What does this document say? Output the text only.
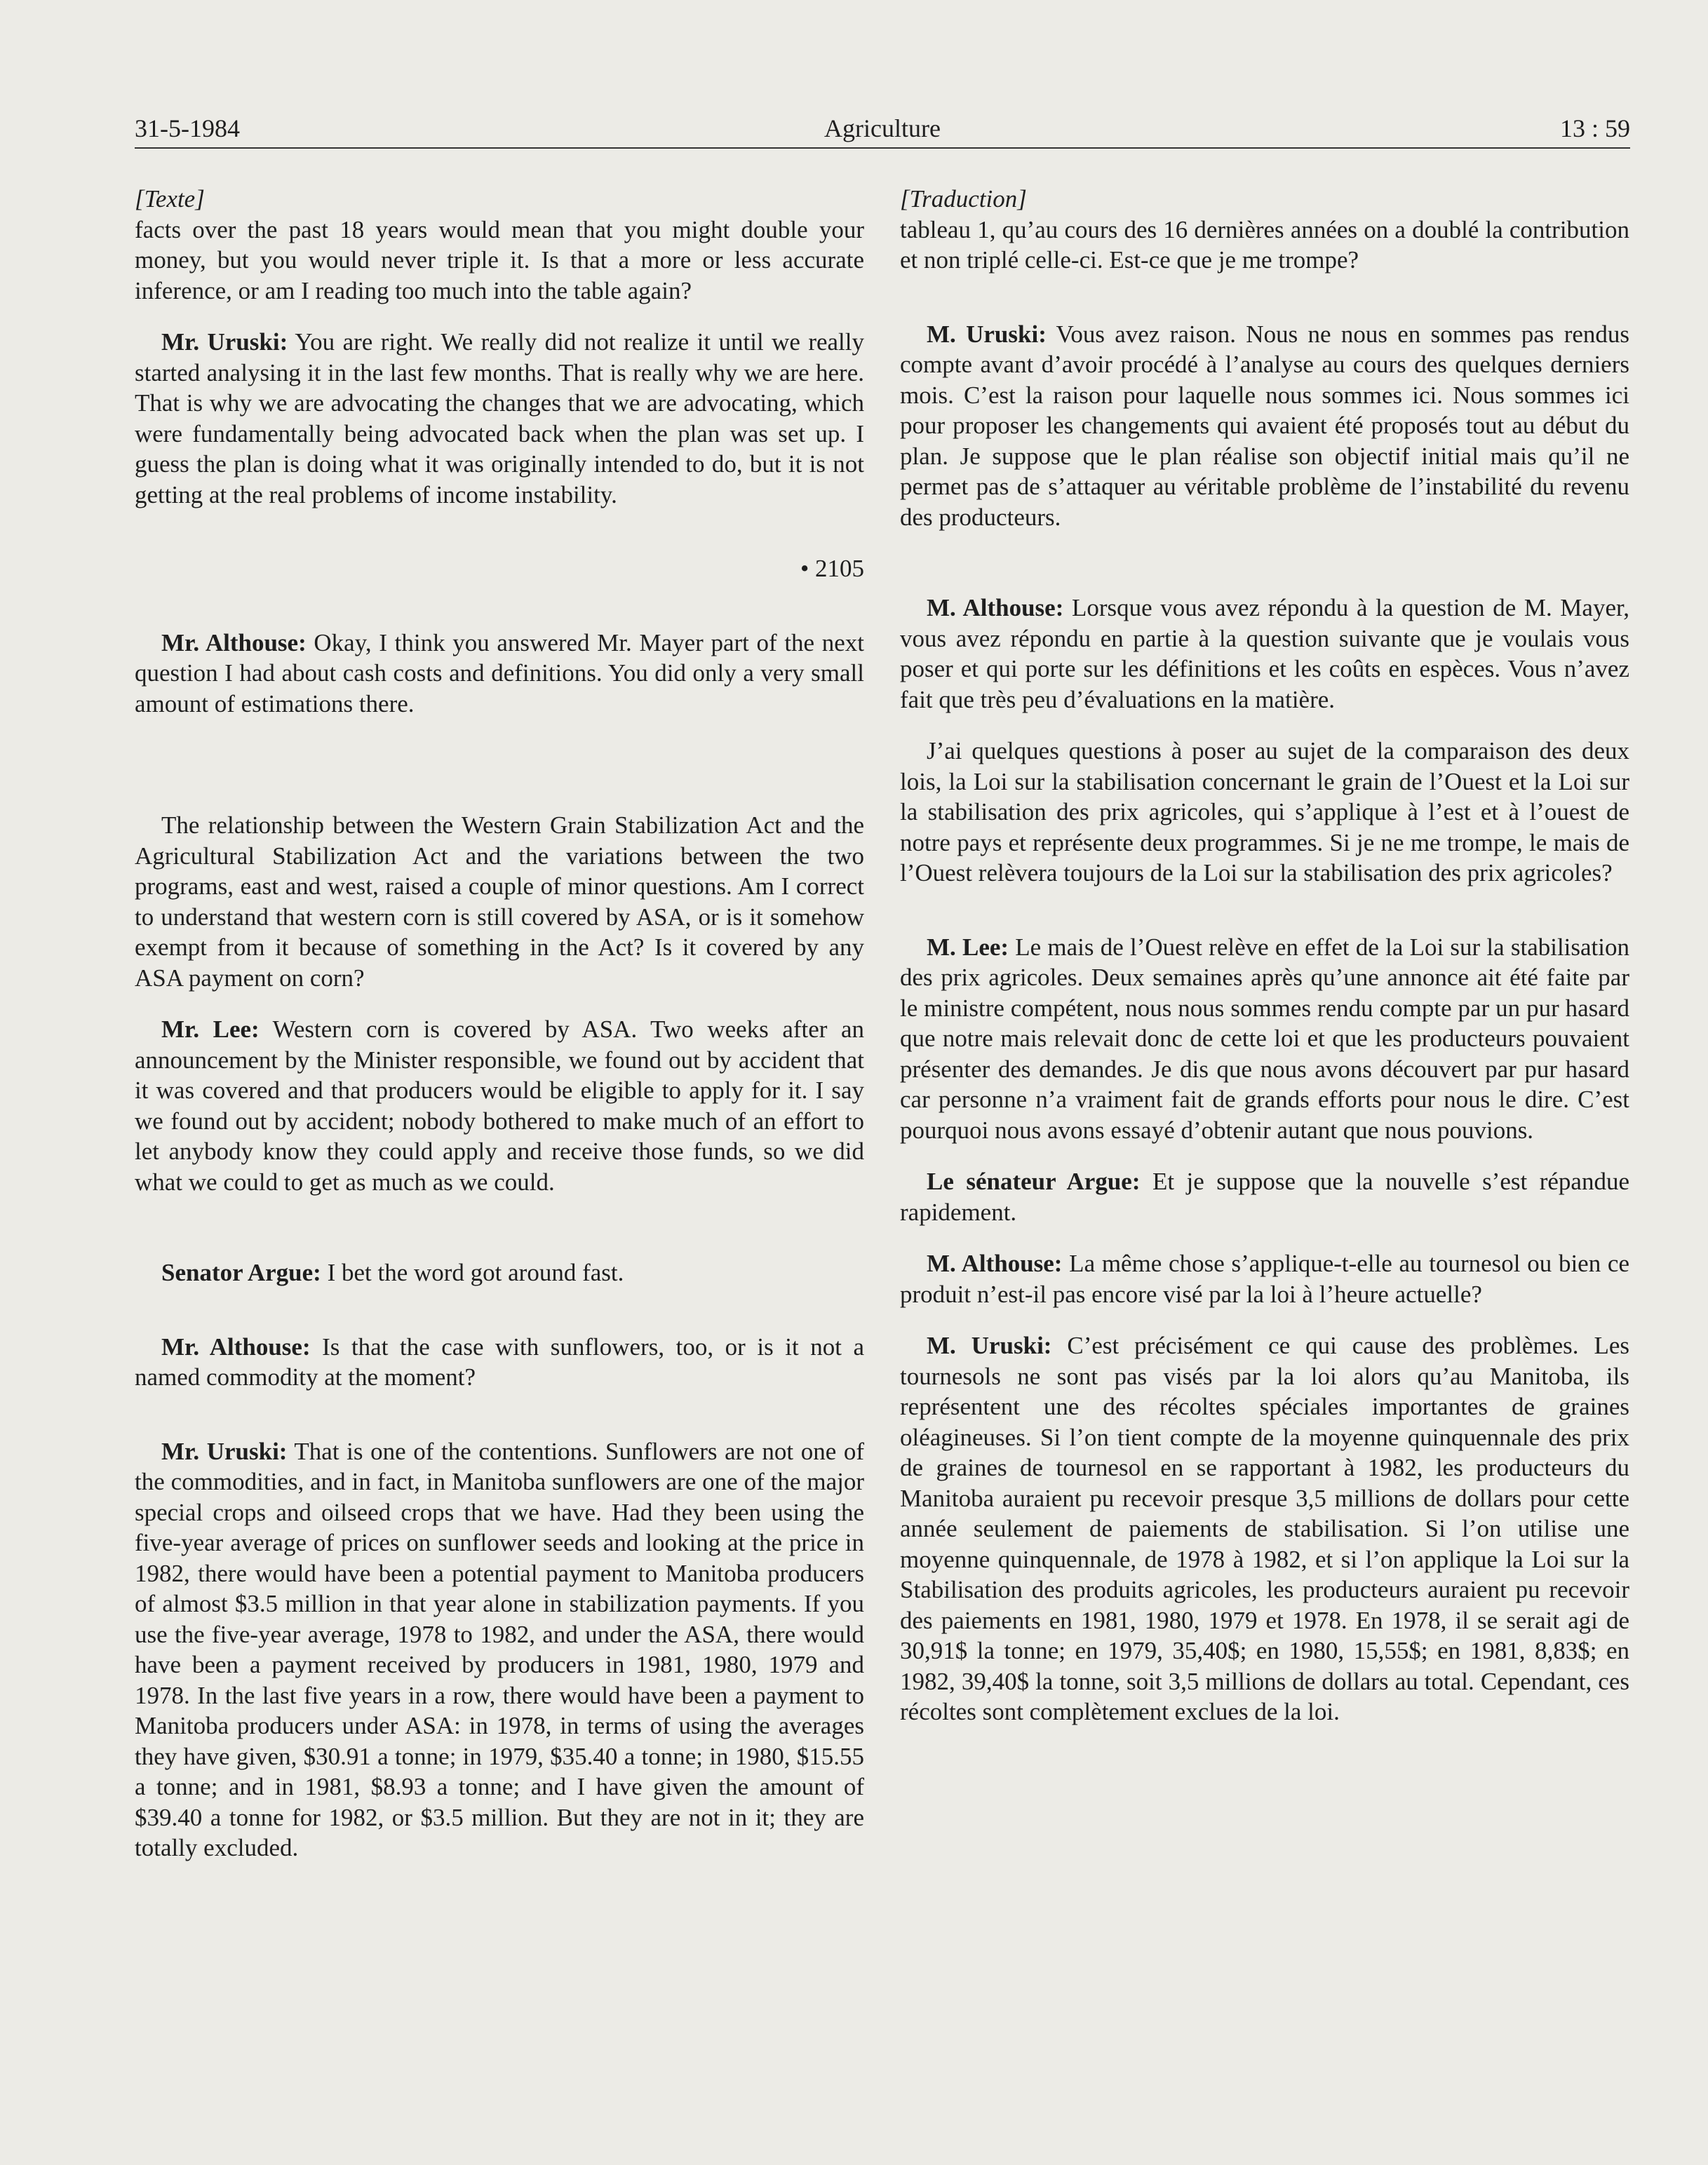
Agriculture
31-5-1984	13 : 59

[Texte]

facts over the past 18 years would mean that you might double your money, but you would never triple it. Is that a more or less accurate inference, or am I reading too much into the table again?

Mr. Uruski: You are right. We really did not realize it until we really started analysing it in the last few months. That is really why we are here. That is why we are advocating the changes that we are advocating, which were fundamentally being advocated back when the plan was set up. I guess the plan is doing what it was originally intended to do, but it is not getting at the real problems of income instability.

• 2105

Mr. Althouse: Okay, I think you answered Mr. Mayer part of the next question I had about cash costs and definitions. You did only a very small amount of estimations there.

The relationship between the Western Grain Stabilization Act and the Agricultural Stabilization Act and the variations between the two programs, east and west, raised a couple of minor questions. Am I correct to understand that western corn is still covered by ASA, or is it somehow exempt from it because of something in the Act? Is it covered by any ASA payment on corn?

Mr. Lee: Western corn is covered by ASA. Two weeks after an announcement by the Minister responsible, we found out by accident that it was covered and that producers would be eligible to apply for it. I say we found out by accident; nobody bothered to make much of an effort to let anybody know they could apply and receive those funds, so we did what we could to get as much as we could.

Senator Argue: I bet the word got around fast.

Mr. Althouse: Is that the case with sunflowers, too, or is it not a named commodity at the moment?

Mr. Uruski: That is one of the contentions. Sunflowers are not one of the commodities, and in fact, in Manitoba sunflowers are one of the major special crops and oilseed crops that we have. Had they been using the five-year average of prices on sunflower seeds and looking at the price in 1982, there would have been a potential payment to Manitoba producers of almost $3.5 million in that year alone in stabilization payments. If you use the five-year average, 1978 to 1982, and under the ASA, there would have been a payment received by producers in 1981, 1980, 1979 and 1978. In the last five years in a row, there would have been a payment to Manitoba producers under ASA: in 1978, in terms of using the averages they have given, $30.91 a tonne; in 1979, $35.40 a tonne; in 1980, $15.55 a tonne; and in 1981, $8.93 a tonne; and I have given the amount of $39.40 a tonne for 1982, or $3.5 million. But they are not in it; they are totally excluded.

[Traduction]

tableau 1, qu’au cours des 16 dernières années on a doublé la contribution et non triplé celle-ci. Est-ce que je me trompe?

M. Uruski: Vous avez raison. Nous ne nous en sommes pas rendus compte avant d’avoir procédé à l’analyse au cours des quelques derniers mois. C’est la raison pour laquelle nous sommes ici. Nous sommes ici pour proposer les changements qui avaient été proposés tout au début du plan. Je suppose que le plan réalise son objectif initial mais qu’il ne permet pas de s’attaquer au véritable problème de l’instabilité du revenu des producteurs.

M. Althouse: Lorsque vous avez répondu à la question de M. Mayer, vous avez répondu en partie à la question suivante que je voulais vous poser et qui porte sur les définitions et les coûts en espèces. Vous n’avez fait que très peu d’évaluations en la matière.

J’ai quelques questions à poser au sujet de la comparaison des deux lois, la Loi sur la stabilisation concernant le grain de l’Ouest et la Loi sur la stabilisation des prix agricoles, qui s’applique à l’est et à l’ouest de notre pays et représente deux programmes. Si je ne me trompe, le mais de l’Ouest relèvera toujours de la Loi sur la stabilisation des prix agricoles?

M. Lee: Le mais de l’Ouest relève en effet de la Loi sur la stabilisation des prix agricoles. Deux semaines après qu’une annonce ait été faite par le ministre compétent, nous nous sommes rendu compte par un pur hasard que notre mais relevait donc de cette loi et que les producteurs pouvaient présenter des demandes. Je dis que nous avons découvert par pur hasard car personne n’a vraiment fait de grands efforts pour nous le dire. C’est pourquoi nous avons essayé d’obtenir autant que nous pouvions.

Le sénateur Argue: Et je suppose que la nouvelle s’est répandue rapidement.

M. Althouse: La même chose s’applique-t-elle au tournesol ou bien ce produit n’est-il pas encore visé par la loi à l’heure actuelle?

M. Uruski: C’est précisément ce qui cause des problèmes. Les tournesols ne sont pas visés par la loi alors qu’au Manitoba, ils représentent une des récoltes spéciales importantes de graines oléagineuses. Si l’on tient compte de la moyenne quinquennale des prix de graines de tournesol en se rapportant à 1982, les producteurs du Manitoba auraient pu recevoir presque 3,5 millions de dollars pour cette année seulement de paiements de stabilisation. Si l’on utilise une moyenne quinquennale, de 1978 à 1982, et si l’on applique la Loi sur la Stabilisation des produits agricoles, les producteurs auraient pu recevoir des paiements en 1981, 1980, 1979 et 1978. En 1978, il se serait agi de 30,91$ la tonne; en 1979, 35,40$; en 1980, 15,55$; en 1981, 8,83$; en 1982, 39,40$ la tonne, soit 3,5 millions de dollars au total. Cependant, ces récoltes sont complètement exclues de la loi.
